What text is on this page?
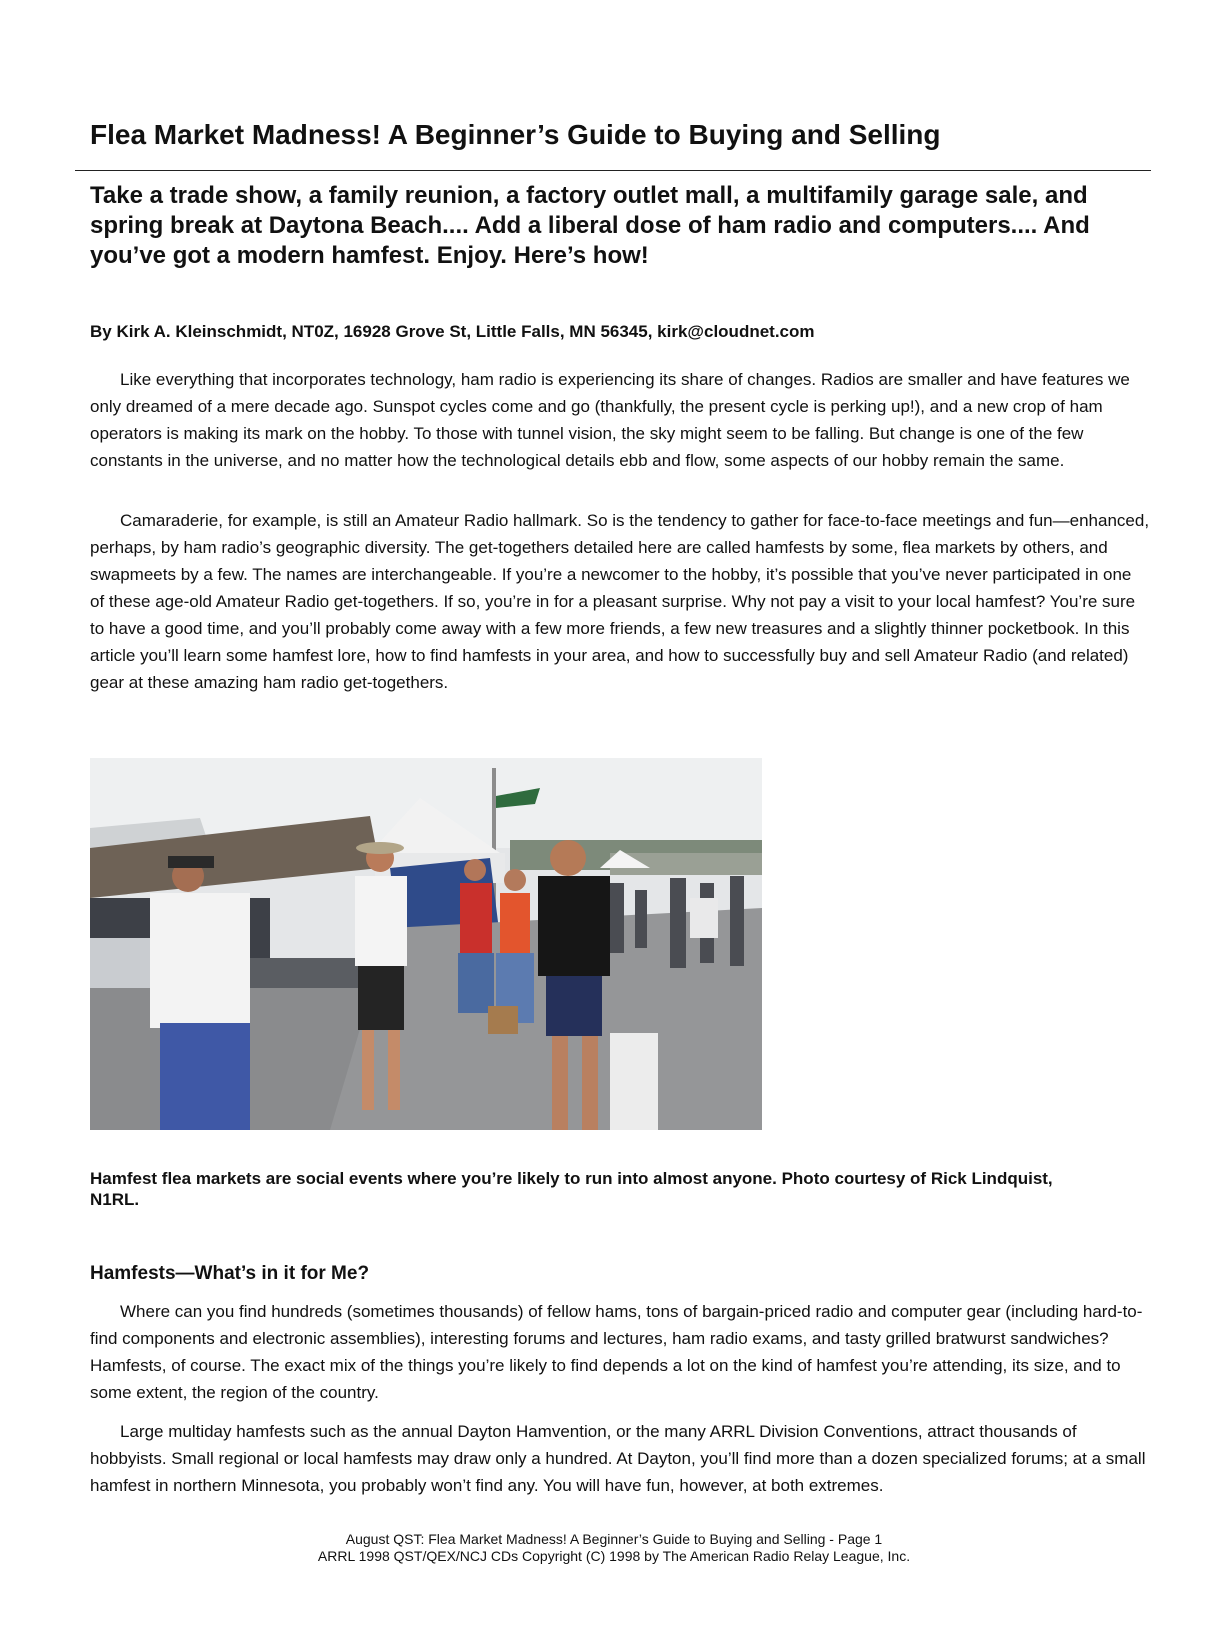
Flea Market Madness! A Beginner’s Guide to Buying and Selling
Take a trade show, a family reunion, a factory outlet mall, a multifamily garage sale, and spring break at Daytona Beach.... Add a liberal dose of ham radio and computers.... And you’ve got a modern hamfest. Enjoy. Here’s how!

By Kirk A. Kleinschmidt, NT0Z, 16928 Grove St, Little Falls, MN 56345, kirk@cloudnet.com

Like everything that incorporates technology, ham radio is experiencing its share of changes. Radios are smaller and have features we only dreamed of a mere decade ago. Sunspot cycles come and go (thankfully, the present cycle is perking up!), and a new crop of ham operators is making its mark on the hobby. To those with tunnel vision, the sky might seem to be falling. But change is one of the few constants in the universe, and no matter how the technological details ebb and flow, some aspects of our hobby remain the same.

Camaraderie, for example, is still an Amateur Radio hallmark. So is the tendency to gather for face-to-face meetings and fun—enhanced, perhaps, by ham radio’s geographic diversity. The get-togethers detailed here are called hamfests by some, flea markets by others, and swapmeets by a few. The names are interchangeable. If you’re a newcomer to the hobby, it’s possible that you’ve never participated in one of these age-old Amateur Radio get-togethers. If so, you’re in for a pleasant surprise. Why not pay a visit to your local hamfest? You’re sure to have a good time, and you’ll probably come away with a few more friends, a few new treasures and a slightly thinner pocketbook. In this article you’ll learn some hamfest lore, how to find hamfests in your area, and how to successfully buy and sell Amateur Radio (and related) gear at these amazing ham radio get-togethers.

Hamfest flea markets are social events where you’re likely to run into almost anyone. Photo courtesy of Rick Lindquist, N1RL.

Hamfests—What’s in it for Me?

Where can you find hundreds (sometimes thousands) of fellow hams, tons of bargain-priced radio and computer gear (including hard-to-find components and electronic assemblies), interesting forums and lectures, ham radio exams, and tasty grilled bratwurst sandwiches? Hamfests, of course. The exact mix of the things you’re likely to find depends a lot on the kind of hamfest you’re attending, its size, and to some extent, the region of the country.

Large multiday hamfests such as the annual Dayton Hamvention, or the many ARRL Division Conventions, attract thousands of hobbyists. Small regional or local hamfests may draw only a hundred. At Dayton, you’ll find more than a dozen specialized forums; at a small hamfest in northern Minnesota, you probably won’t find any. You will have fun, however, at both extremes.

August QST: Flea Market Madness! A Beginner’s Guide to Buying and Selling - Page 1
ARRL 1998 QST/QEX/NCJ CDs Copyright (C) 1998 by The American Radio Relay League, Inc.
